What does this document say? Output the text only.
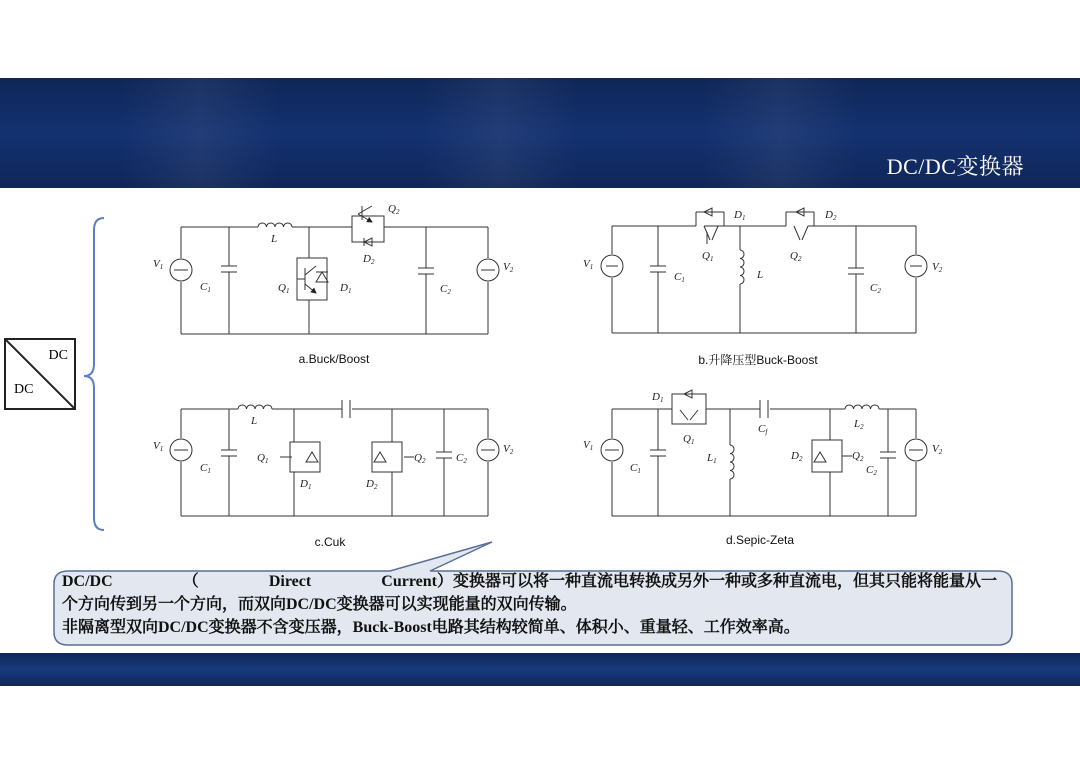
DC/DC变换器
L
Q2
D2
V1
C1	Q1	D1	C2
V2
D1	D2
V1
Q1	Q2
C1	L
C2
V2
L
V1
C1
Q1
D1	D2
Q2	C2
V2
D1
Q1
V1
C1
Cf
L1
L2
D2	Q2
C2
V2
DC
DC
a.Buck/Boost	b.升降压型Buck-Boost
c.Cuk	d.Sepic-Zeta

DC/DC	（	Direct	Current）变换器可以将一种直流电转换成另外一种或多种直流电，但其只能将能量从一

个方向传到另一个方向，而双向DC/DC变换器可以实现能量的双向传输。

非隔离型双向DC/DC变换器不含变压器，Buck-Boost电路其结构较简单、体积小、重量轻、工作效率高。
